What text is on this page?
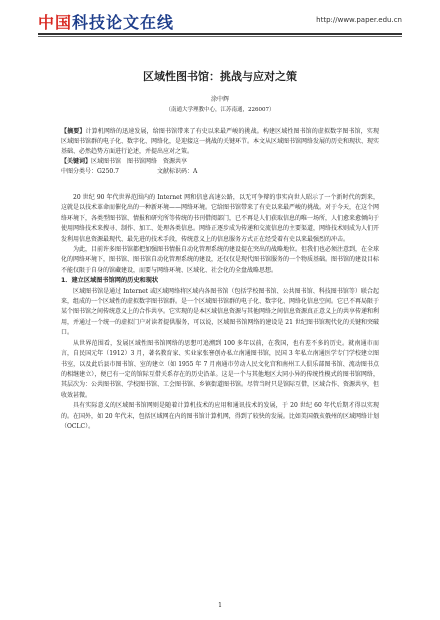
中国科技论文在线	http://www.paper.edu.cn
区域性图书馆：挑战与应对之策
涂中辉
（南通大学理教中心，江苏南通，226007）

【摘要】计算机网络的迅速发展，给图书馆带来了有史以来最严峻的挑战。构建区域性图书馆的虚拟数字图书馆，实现区域图书馆群的电子化、数字化、网络化，是迎接这一挑战的关键环节。本文从区域图书馆网络发展的历史和现状、现实基础、必然趋势方面进行论述，并提出应对之策。

【关键词】区域图书馆　图书馆网络　资源共享

中图分类号：G250.7	文献标识码：A

20 世纪 90 年代世界范围内的 Internet 网和信息高速公路，以无可争辩的事实向世人昭示了一个新时代的到来，这就是以技术革命而催化出的一种新环境——网络环境。它给图书馆带来了有史以来最严峻的挑战。对于今天，在这个网络环境下，各类型图书馆、情报和研究所等传统的书刊借阅部门，已不再是人们获取信息的唯一场所，人们愈来愈倾向于使用网络技术来搜寻、制作、加工、处理各类信息。网络正逐步成为传递和交流信息的主要渠道，网络技术则成为人们开发利用信息资源最现代、最先进的技术手段，传统意义上的信息服务方式正在经受着有史以来最强烈的冲击。

为此，目前许多图书馆都把加强图书情报自动化管理系统的建设提在突出的战略地位。但我们也必须注意到，在全球化的网络环境下，图书馆、图书馆自动化管理系统的建设，还仅仅是现代图书馆服务的一个物质基础。图书馆的建设目标不能仅限于自身的馆藏建设，而要与网络环境、区域化、社会化的全盘战略思想。

1．建立区域图书馆网的历史和现状

区域图书馆是通过 Internet 或区域网络将区域内各图书馆（包括学校图书馆、公共图书馆、科技图书馆等）联合起来，组成的一个区域性的虚拟数字图书馆群。是一个区域图书馆群的电子化、数字化、网络化信息空间。它已不再局限于某个图书馆之间传统意义上的合作共享。它实现的是本区域信息资源与其他网络之间信息资源真正意义上的共享传递和利用，并通过一个统一的虚拟门户对读者提供服务，可以说，区域图书馆网络的建设是 21 世纪图书馆现代化的关键和突破口。

从世界范围看，发展区域性图书馆网络的思想可追溯到 100 多年以前，在我国，也有差不多的历史。就南通市而言，自民国元年（1912）3 月，著名教育家、实业家张謇创办私立南通图书馆，民国 3 年私立南通医学专门学校建立图书室，以及此后县市图书馆、室的建立（如 1955 年 7 月南通市劳动人民文化宫和南州工人俱乐部图书馆、流动图书点的相继建立），便已有一定的馆际互借关系存在的历史沿革。这是一个与其他地区大同小异的传统性模式的图书馆网络，其层次为：公共图书馆、学校图书馆、工会图书馆、乡镇街道图书馆。尽管当时只是馆际互借，区域合作、资源共享，但收效甚微。

具有实际意义的区域图书馆网则是随着计算机技术的应用和通讯技术的发展，于 20 世纪 60 年代后期才得以实现的。在国外，如 20 年代末，包括区域网在内的图书馆计算机网，得到了较快的发展。比如美国俄亥俄州的区域网络计划（OCLC）。

1
